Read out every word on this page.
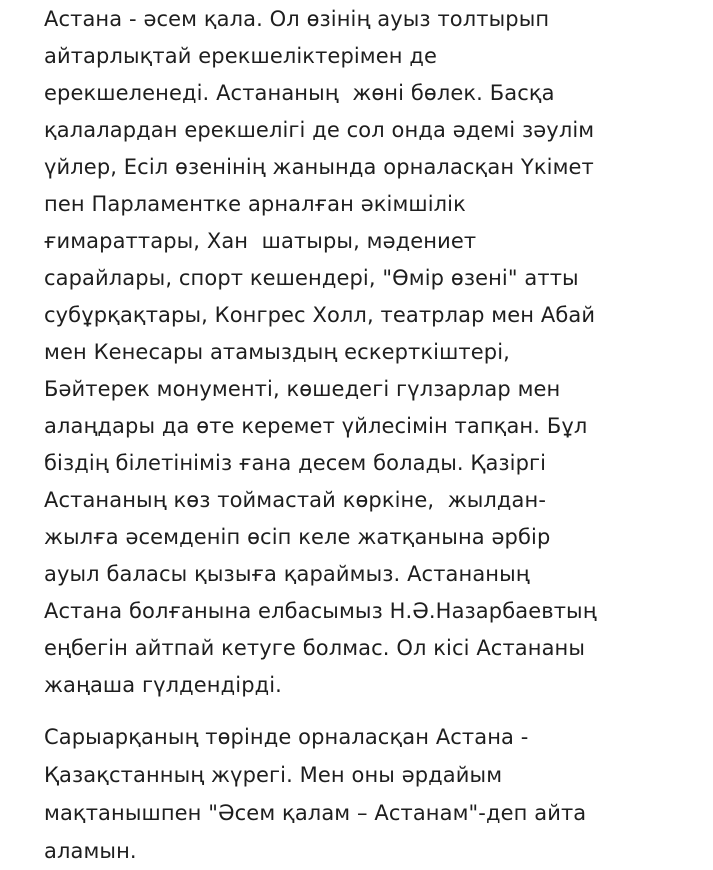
Астана - әсем қала. Ол өзінің ауыз толтырып
айтарлықтай ерекшеліктерімен де
ерекшеленеді. Астананың  жөні бөлек. Басқа
қалалардан ерекшелігі де сол онда әдемі зәулім
үйлер, Есіл өзенінің жанында орналасқан Үкімет
пен Парламентке арналған әкімшілік
ғимараттары, Хан  шатыры, мәдениет
сарайлары, спорт кешендері, "Өмір өзені" атты
субұрқақтары, Конгрес Холл, театрлар мен Абай
мен Кенесары атамыздың ескерткіштері,
Бәйтерек монументі, көшедегі гүлзарлар мен
алаңдары да өте керемет үйлесімін тапқан. Бұл
біздің білетініміз ғана десем болады. Қазіргі
Астананың көз тоймастай көркіне,  жылдан-
жылға әсемденіп өсіп келе жатқанына әрбір
ауыл баласы қызыға қараймыз. Астананың
Астана болғанына елбасымыз Н.Ә.Назарбаевтың
еңбегін айтпай кетуге болмас. Ол кісі Астананы
жаңаша гүлдендірді.
Сарыарқаның төрінде орналасқан Астана -
Қазақстанның жүрегі. Мен оны әрдайым
мақтанышпен "Әсем қалам – Астанам"-деп айта
аламын.
